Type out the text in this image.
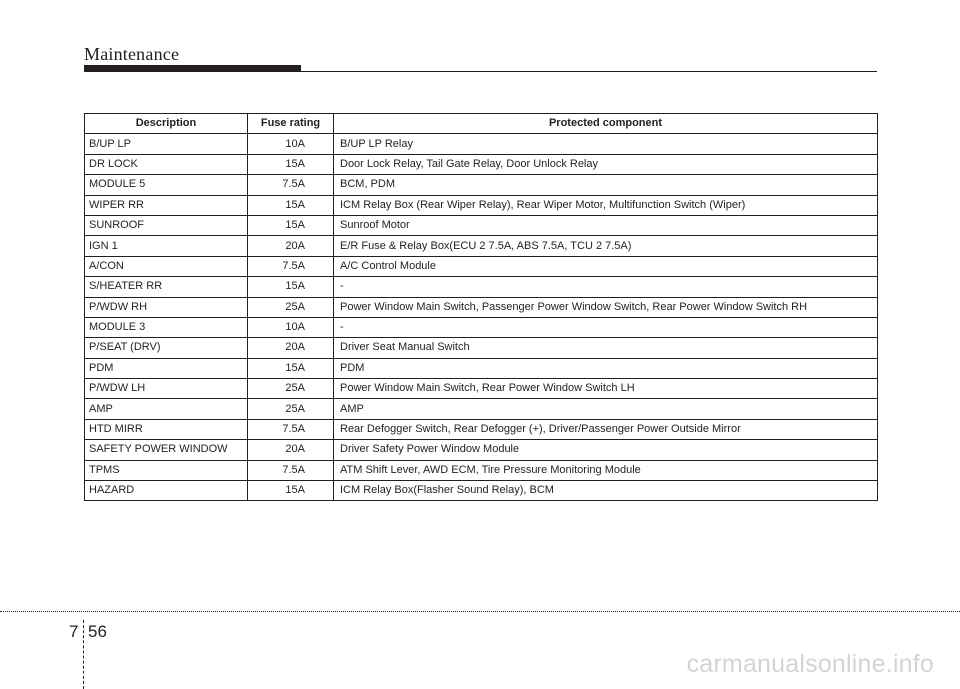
Maintenance
Description	Fuse rating	Protected component
B/UP LP	10A	B/UP LP Relay
DR LOCK	15A	Door Lock Relay, Tail Gate Relay, Door Unlock Relay
MODULE 5	7.5A	BCM, PDM
WIPER RR	15A	ICM Relay Box (Rear Wiper Relay), Rear Wiper Motor, Multifunction Switch (Wiper)
SUNROOF	15A	Sunroof Motor
IGN 1	20A	E/R Fuse & Relay Box(ECU 2 7.5A, ABS 7.5A, TCU 2 7.5A)
A/CON	7.5A	A/C Control Module
S/HEATER RR	15A	-
P/WDW RH	25A	Power Window Main Switch, Passenger Power Window Switch, Rear Power Window Switch RH
MODULE 3	10A	-
P/SEAT (DRV)	20A	Driver Seat Manual Switch
PDM	15A	PDM
P/WDW LH	25A	Power Window Main Switch, Rear Power Window Switch LH
AMP	25A	AMP
HTD MIRR	7.5A	Rear Defogger Switch, Rear Defogger (+), Driver/Passenger Power Outside Mirror
SAFETY POWER WINDOW	20A	Driver Safety Power Window Module
TPMS	7.5A	ATM Shift Lever, AWD ECM, Tire Pressure Monitoring Module
HAZARD	15A	ICM Relay Box(Flasher Sound Relay), BCM
7 56
carmanualsonline.info
